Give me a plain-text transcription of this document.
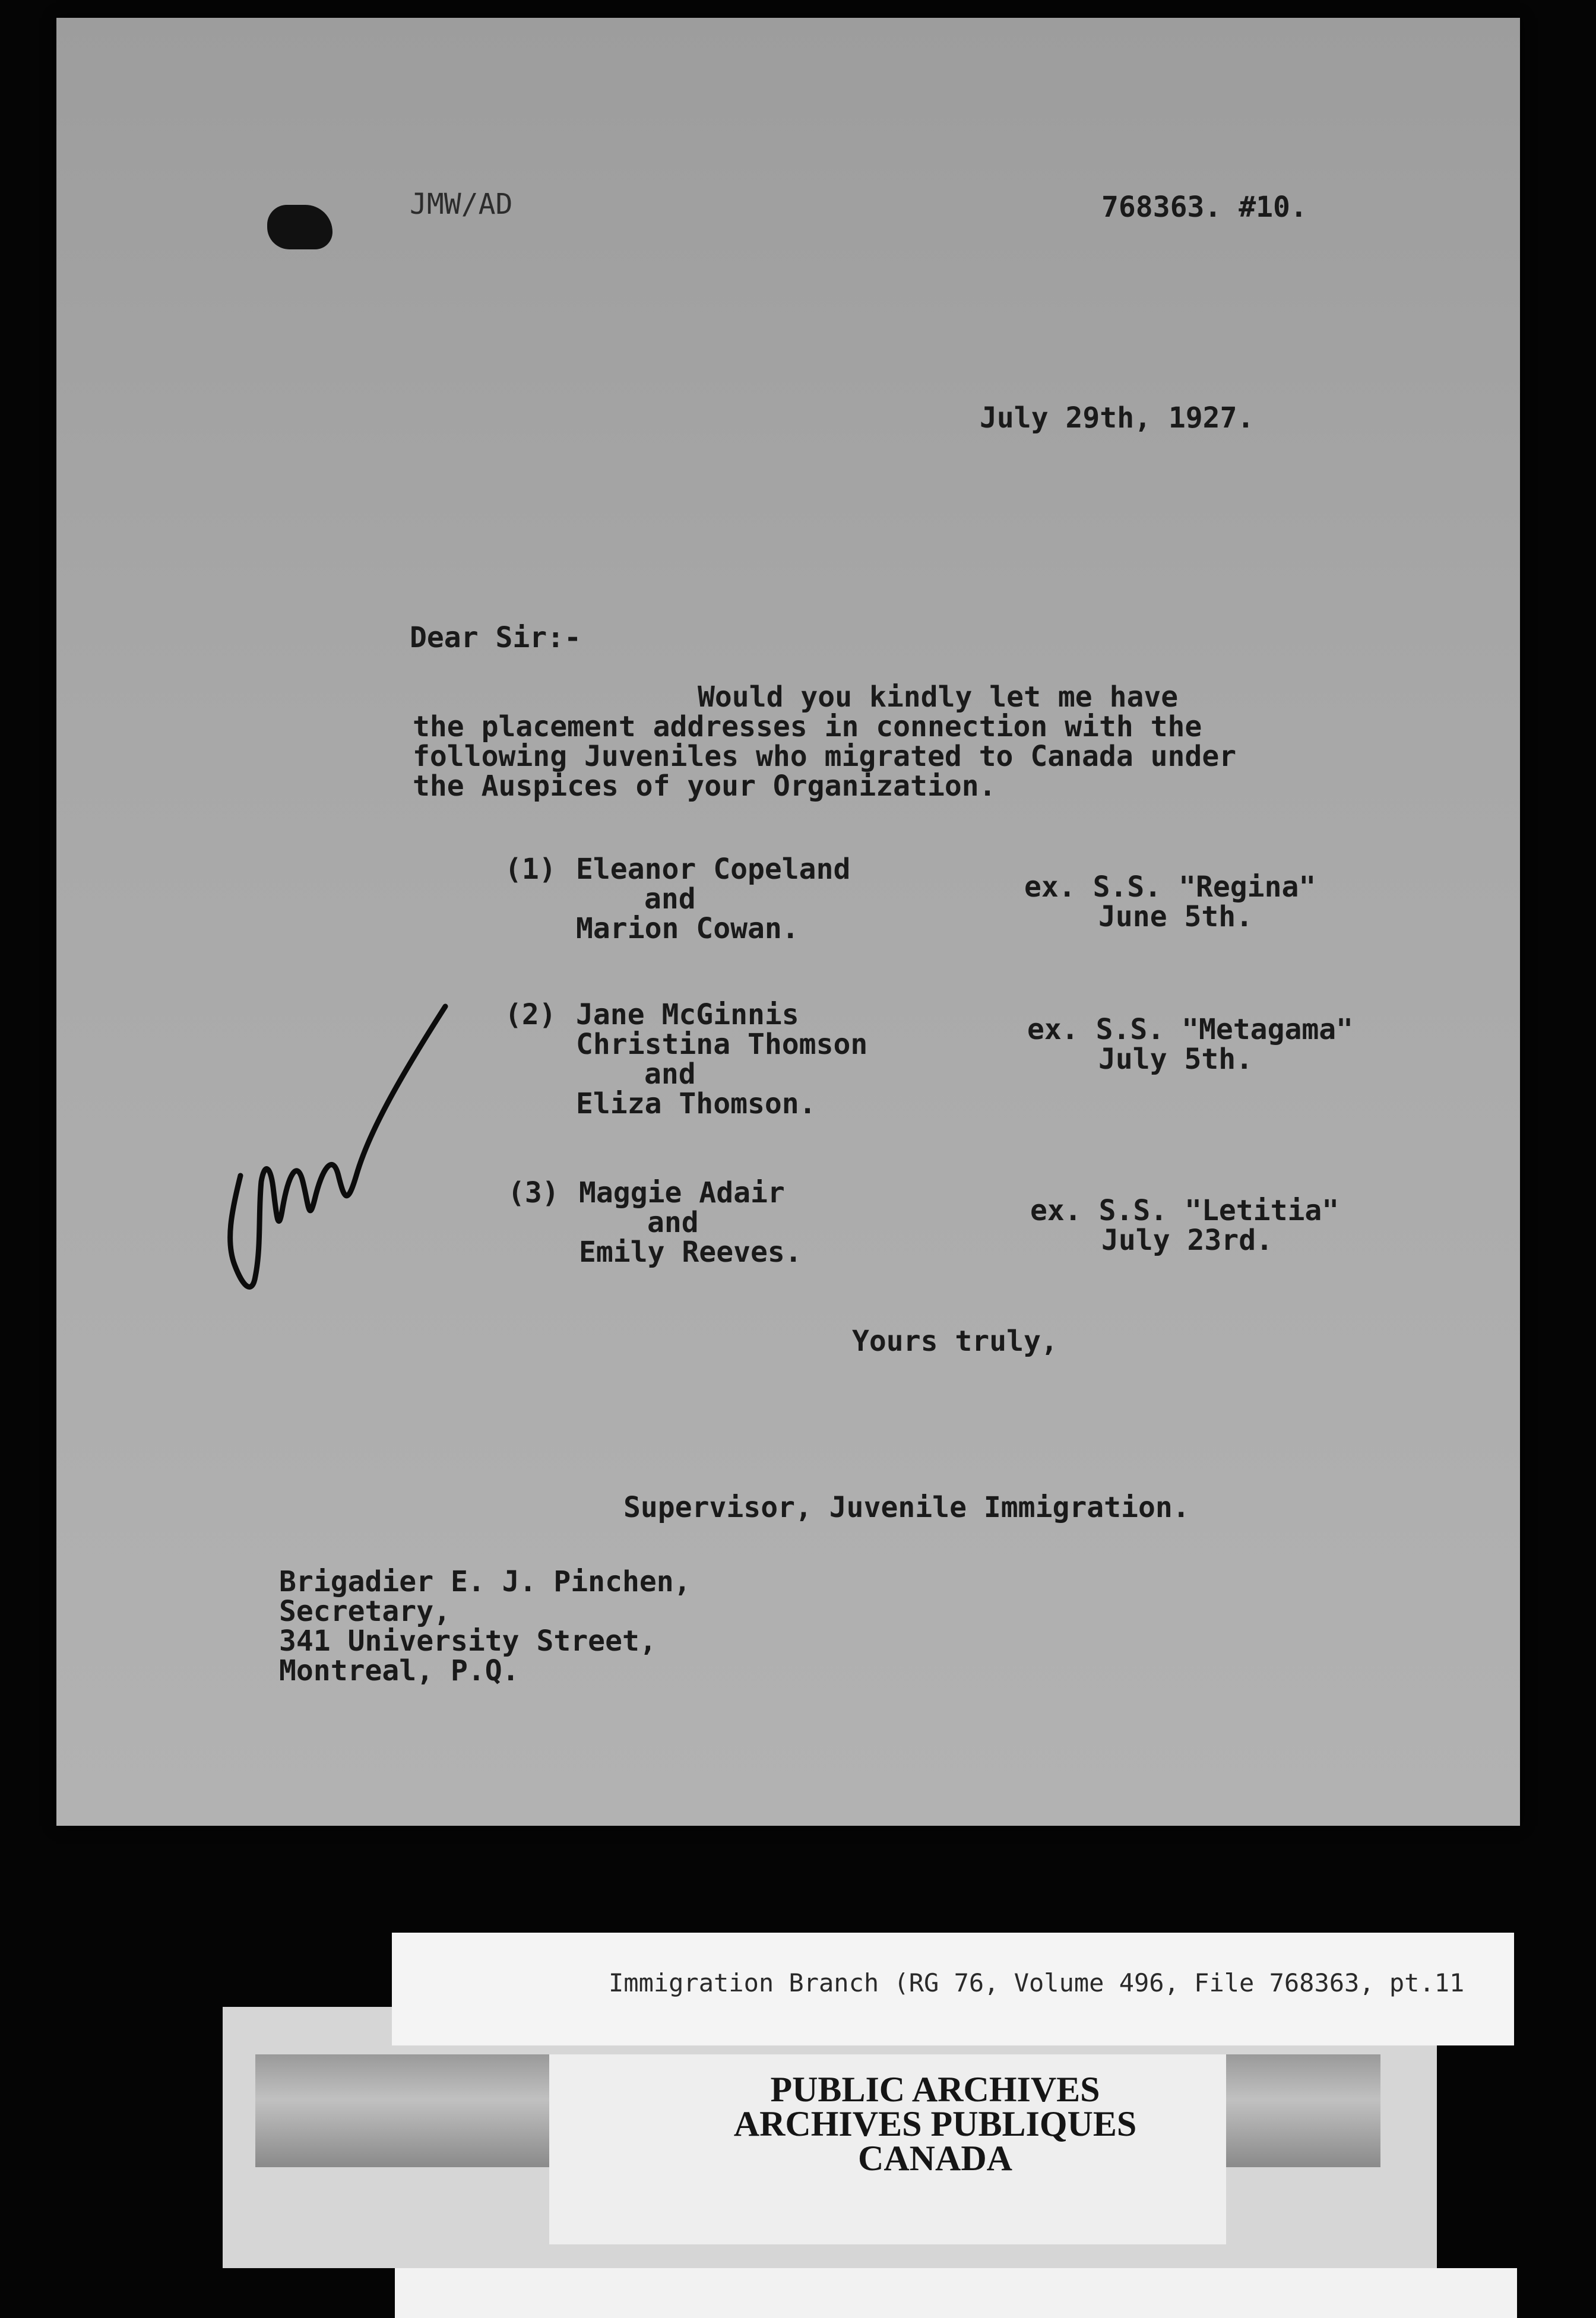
JMW/AD	768363. #10.
July 29th, 1927.
Dear Sir:-
Would you kindly let me have
the placement addresses in connection with the
following Juveniles who migrated to Canada under
the Auspices of your Organization.
(1) Eleanor Copeland
and
Marion Cowan.
ex. S.S. "Regina"
June 5th.
(2) Jane McGinnis
Christina Thomson
and
Eliza Thomson.
ex. S.S. "Metagama"
July 5th.
(3) Maggie Adair
and
Emily Reeves.
ex. S.S. "Letitia"
July 23rd.
Yours truly,
Supervisor, Juvenile Immigration.
Brigadier E. J. Pinchen,
Secretary,
341 University Street,
Montreal, P.Q.
Immigration Branch (RG 76, Volume 496, File 768363, pt.11
PUBLIC ARCHIVES
ARCHIVES PUBLIQUES
CANADA
